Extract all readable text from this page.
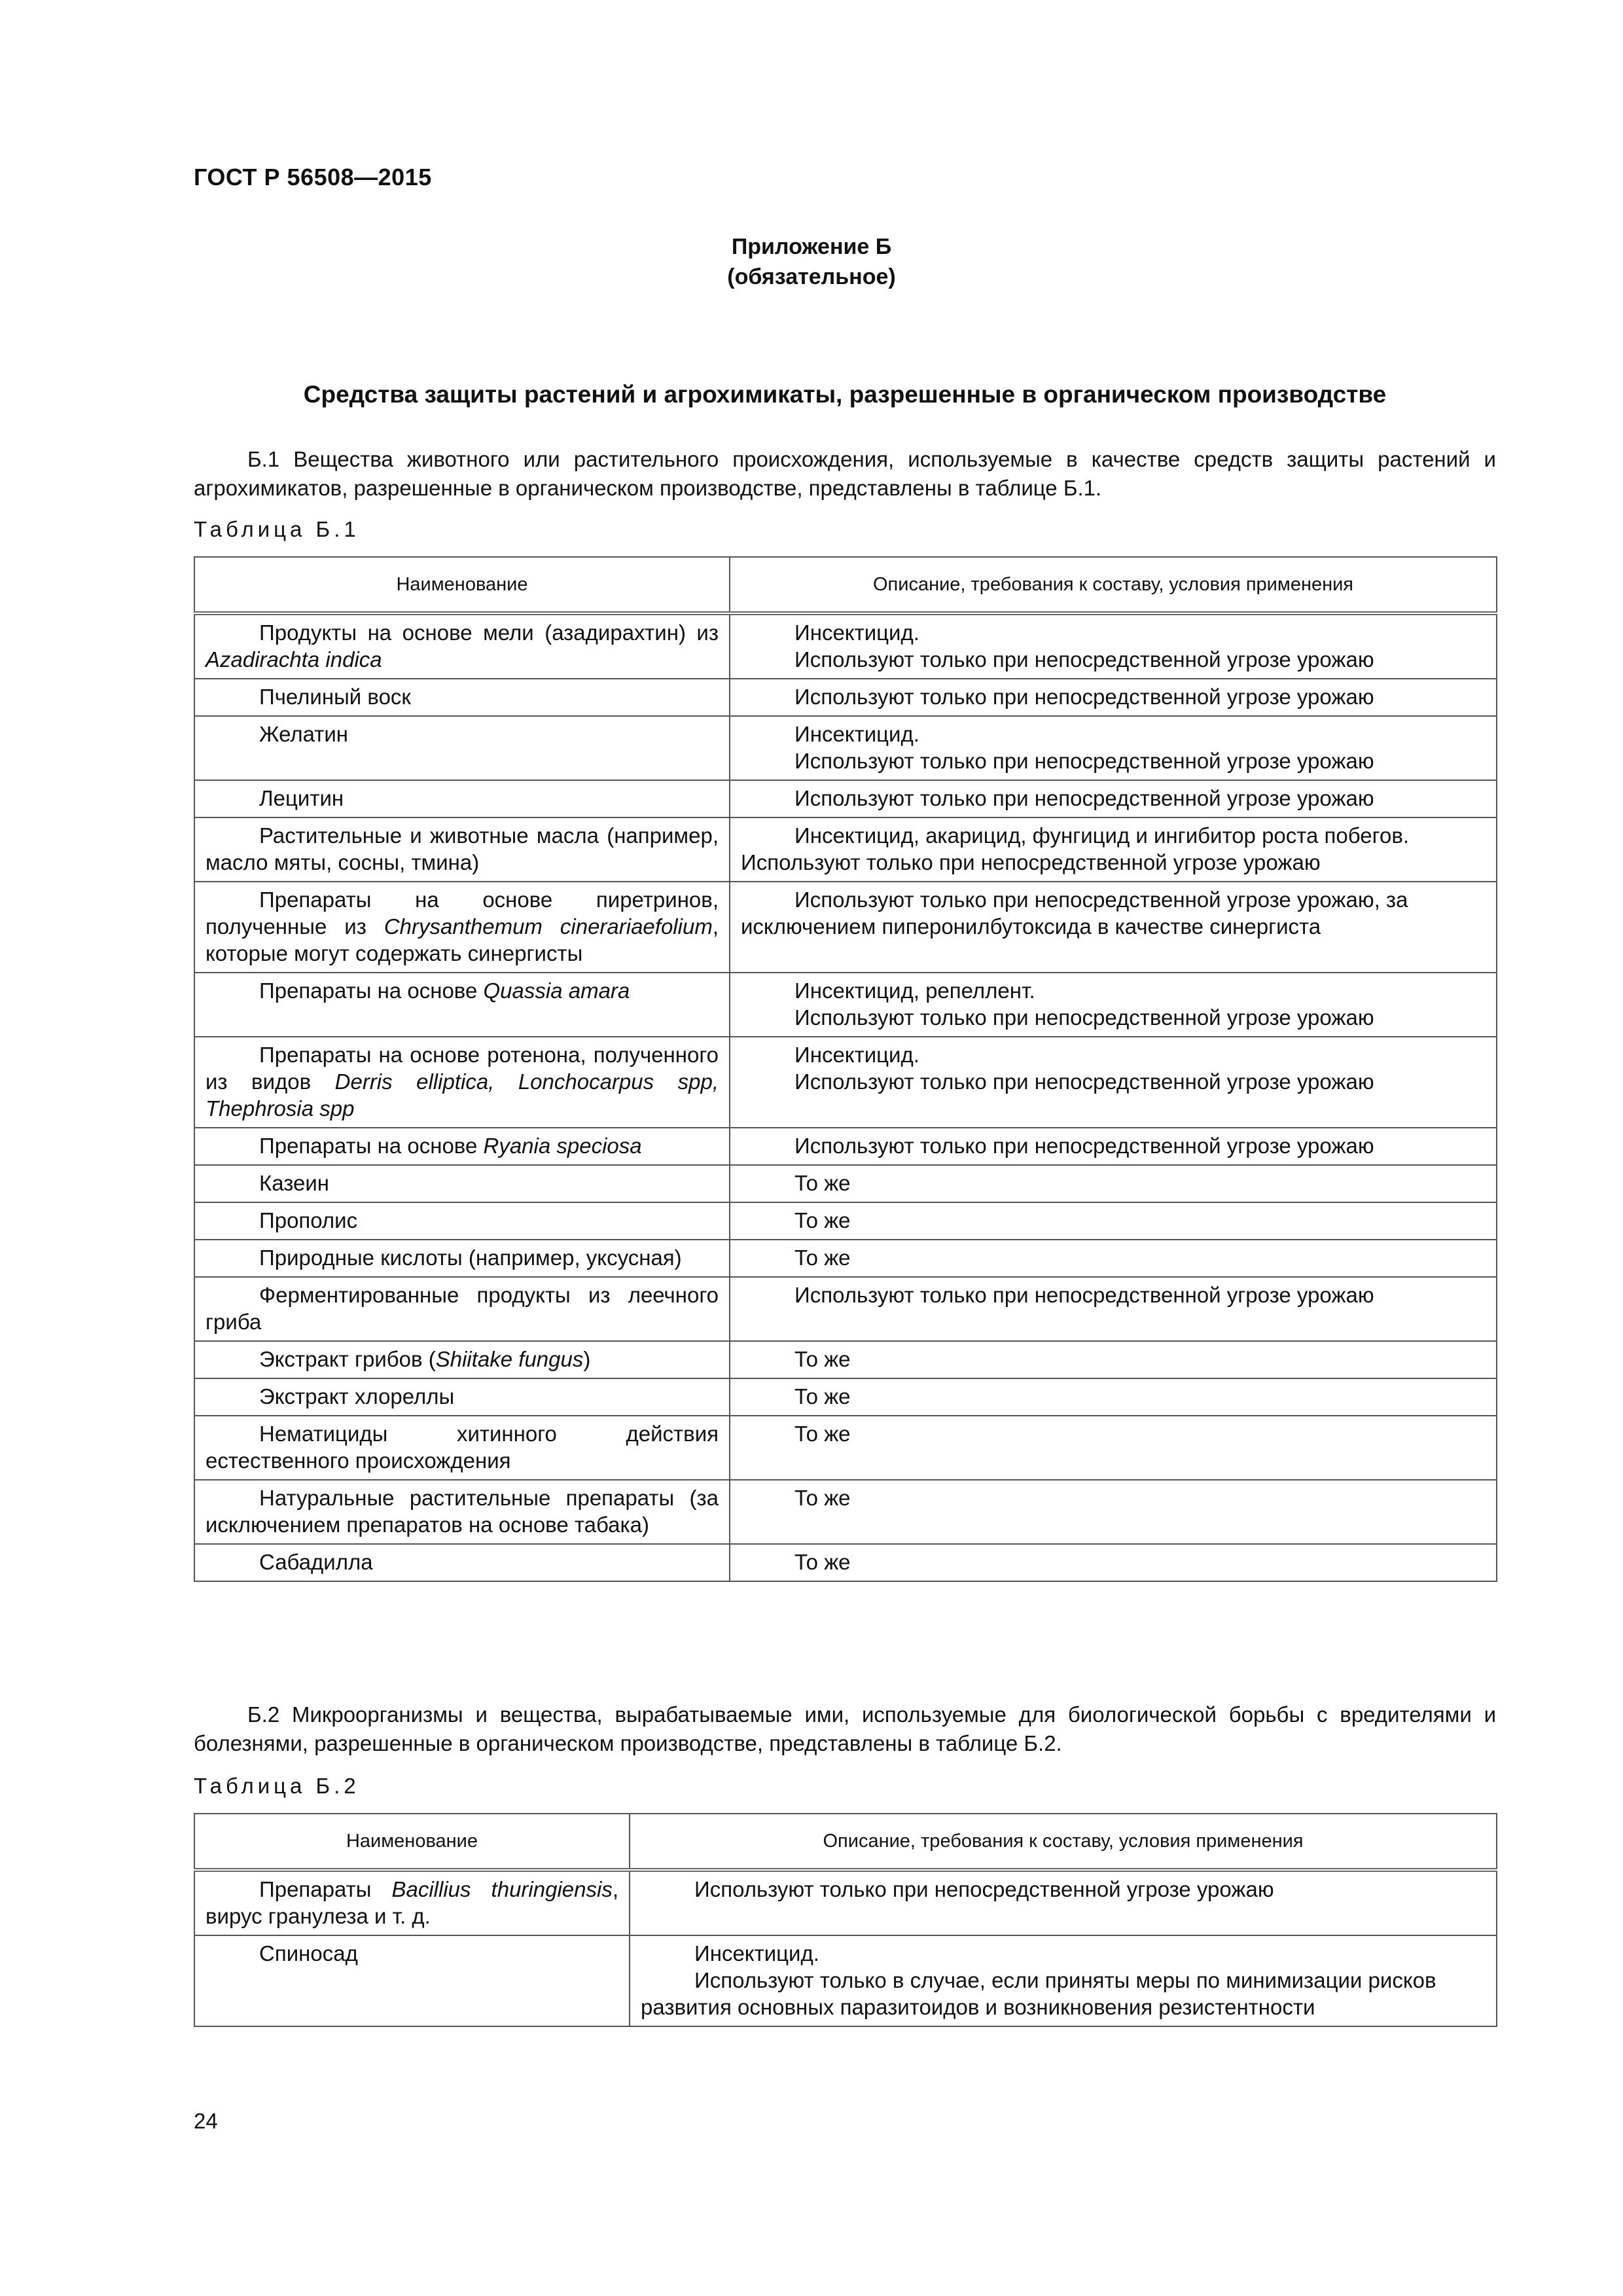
ГОСТ Р 56508—2015
Приложение Б
(обязательное)
Средства защиты растений и агрохимикаты, разрешенные в органическом производстве

Б.1 Вещества животного или растительного происхождения, используемые в качестве средств защиты растений и агрохимикатов, разрешенные в органическом производстве, представлены в таблице Б.1.

Таблица Б.1
Наименование	Описание, требования к составу, условия применения
Продукты на основе мели (азадирахтин) из Azadirachta indica	Инсектицид.
Используют только при непосредственной угрозе урожаю

Пчелиный воск	Используют только при непосредственной угрозе урожаю

Желатин	Инсектицид.
Используют только при непосредственной угрозе урожаю

Лецитин	Используют только при непосредственной угрозе урожаю

Растительные и животные масла (например, масло мяты, сосны, тмина)	Инсектицид, акарицид, фунгицид и ингибитор роста побегов. Используют только при непосредственной угрозе урожаю

Препараты на основе пиретринов, полученные из Chrysanthemum cinerariaefolium, которые могут содержать синергисты	Используют только при непосредственной угрозе урожаю, за исключением пиперонилбутоксида в качестве синергиста

Препараты на основе Quassia amara	Инсектицид, репеллент.
Используют только при непосредственной угрозе урожаю

Препараты на основе ротенона, полученного из видов Derris elliptica, Lonchocarpus spp, Thephrosia spp	Инсектицид.
Используют только при непосредственной угрозе урожаю

Препараты на основе Ryania speciosa	Используют только при непосредственной угрозе урожаю

Казеин	То же

Прополис	То же

Природные кислоты (например, уксусная)	То же

Ферментированные продукты из леечного гриба	Используют только при непосредственной угрозе урожаю

Экстракт грибов (Shiitake fungus)	То же

Экстракт хлореллы	То же

Нематициды хитинного действия естественного происхождения	То же

Натуральные растительные препараты (за исключением препаратов на основе табака)	То же

Сабадилла	То же

Б.2 Микроорганизмы и вещества, вырабатываемые ими, используемые для биологической борьбы с вредителями и болезнями, разрешенные в органическом производстве, представлены в таблице Б.2.

Таблица Б.2
Наименование	Описание, требования к составу, условия применения
Препараты Bacillius thuringiensis, вирус гранулеза и т. д.	Используют только при непосредственной угрозе урожаю

Спиносад	Инсектицид.
Используют только в случае, если приняты меры по минимизации рисков развития основных паразитоидов и возникновения резистентности
24
